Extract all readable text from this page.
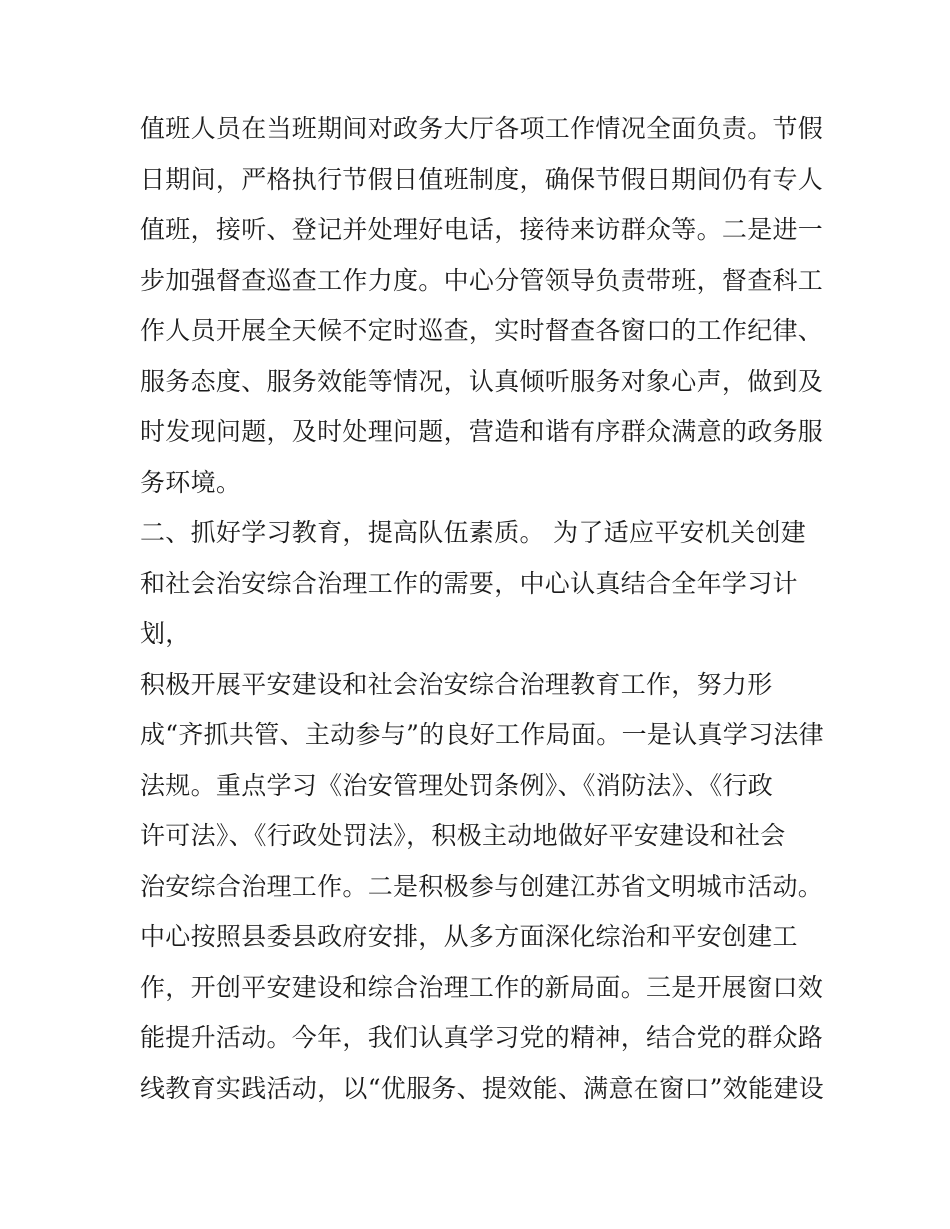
值班人员在当班期间对政务大厅各项工作情况全面负责。节假
日期间，严格执行节假日值班制度，确保节假日期间仍有专人
值班，接听、登记并处理好电话，接待来访群众等。二是进一
步加强督查巡查工作力度。中心分管领导负责带班，督查科工
作人员开展全天候不定时巡查，实时督查各窗口的工作纪律、
服务态度、服务效能等情况，认真倾听服务对象心声，做到及
时发现问题，及时处理问题，营造和谐有序群众满意的政务服
务环境。
二、抓好学习教育，提高队伍素质。 为了适应平安机关创建
和社会治安综合治理工作的需要，中心认真结合全年学习计
划，
积极开展平安建设和社会治安综合治理教育工作，努力形
成“齐抓共管、主动参与”的良好工作局面。一是认真学习法律
法规。重点学习《治安管理处罚条例》、《消防法》、《行政
许可法》、《行政处罚法》，积极主动地做好平安建设和社会
治安综合治理工作。二是积极参与创建江苏省文明城市活动。
中心按照县委县政府安排，从多方面深化综治和平安创建工
作，开创平安建设和综合治理工作的新局面。三是开展窗口效
能提升活动。今年，我们认真学习党的精神，结合党的群众路
线教育实践活动，以“优服务、提效能、满意在窗口”效能建设
